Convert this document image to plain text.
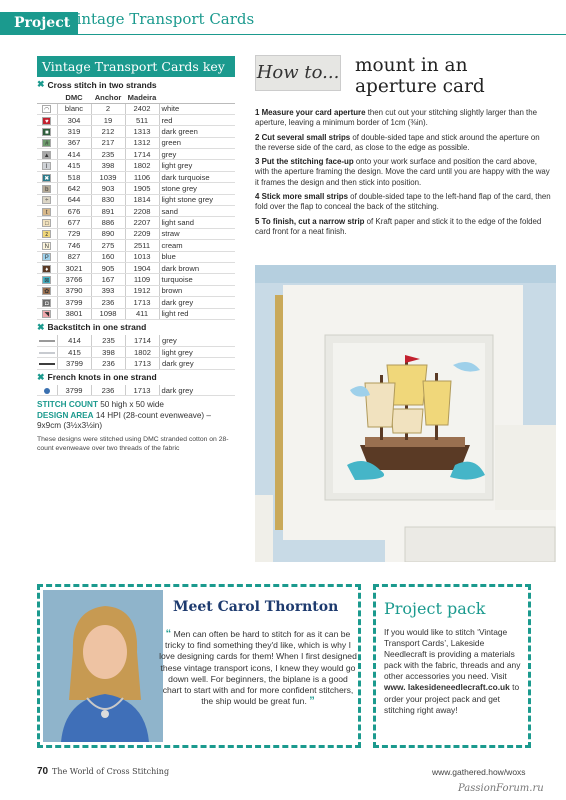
Project
Vintage Transport Cards
Vintage Transport Cards key
✖ Cross stitch in two strands
	DMC	Anchor	Madeira	
◠	blanc	2	2402	white
♥	304	19	511	red
■	319	212	1313	dark green
#	367	217	1312	green
▲	414	235	1714	grey
I	415	398	1802	light grey
✖	518	1039	1106	dark turquoise
b	642	903	1905	stone grey
÷	644	830	1814	light stone grey
t	676	891	2208	sand
□	677	886	2207	light sand
z	729	890	2209	straw
N	746	275	2511	cream
P	827	160	1013	blue
♦	3021	905	1904	dark brown
⊠	3766	167	1109	turquoise
✿	3790	393	1912	brown
◘	3799	236	1713	dark grey
◥	3801	1098	411	light red
✖ Backstitch in one strand
	414	235	1714	grey
	415	398	1802	light grey
	3799	236	1713	dark grey
✖ French knots in one strand
	3799	236	1713	dark grey
STITCH COUNT 50 high x 50 wide
DESIGN AREA 14 HPI (28-count evenweave) – 9x9cm (3½x3½in)
These designs were stitched using DMC stranded cotton on 28-count evenweave over two threads of the fabric
How to... mount in an aperture card

1 Measure your card aperture then cut out your stitching slightly larger than the aperture, leaving a minimum border of 1cm (⅜in).

2 Cut several small strips of double-sided tape and stick around the aperture on the reverse side of the card, as close to the edge as possible.

3 Put the stitching face-up onto your work surface and position the card above, with the aperture framing the design. Move the card until you are happy with the way it frames the design and then stick into position.

4 Stick more small strips of double-sided tape to the left-hand flap of the card, then fold over the flap to conceal the back of the stitching.

5 To finish, cut a narrow strip of Kraft paper and stick it to the edge of the folded card front for a neat finish.

Meet Carol Thornton
“ Men can often be hard to stitch for as it can be tricky to find something they'd like, which is why I love designing cards for them! When I first designed these vintage transport icons, I knew they would go down well. For beginners, the biplane is a good chart to start with and for more confident stitchers, the ship would be great fun. ”
Project pack
If you would like to stitch ‘Vintage Transport Cards’, Lakeside Needlecraft is providing a materials pack with the fabric, threads and any other accessories you need. Visit www. lakesideneedlecraft.co.uk to order your project pack and get stitching right away!
70 The World of Cross Stitching	www.gathered.how/woxs
PassionForum.ru
